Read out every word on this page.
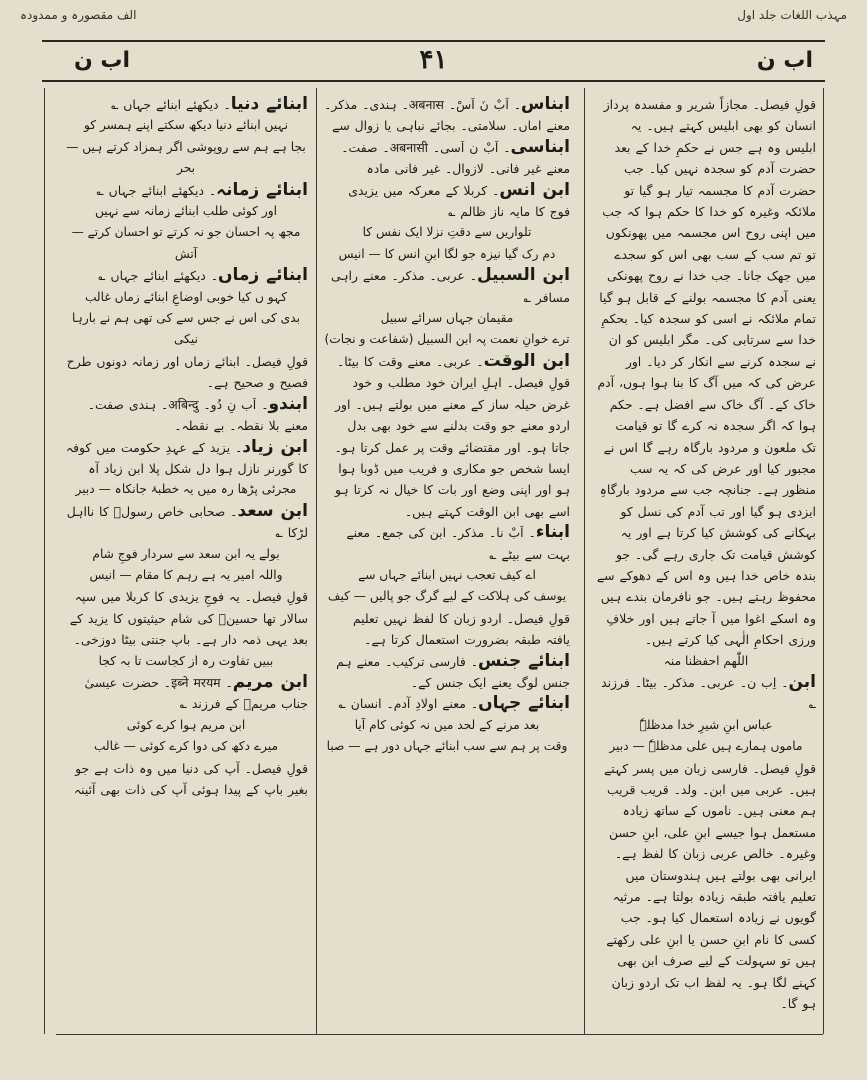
الف مقصورہ و ممدودہ	مہذب اللغات جلد اول
اب ن	۴۱	اب ن

قولِ فیصل۔ مجازاً شریر و مفسدہ پرداز انسان کو بھی ابلیس کہتے ہیں۔ یہ ابلیس وہ ہے جس نے حکمِ خدا کے بعد حضرت آدم کو سجدہ نہیں کیا۔ جب حضرت آدم کا مجسمہ تیار ہو گیا تو ملائکہ وغیرہ کو خدا کا حکم ہوا کہ جب میں اپنی روح اس مجسمہ میں پھونکوں تو تم سب کے سب بھی اس کو سجدے میں جھک جانا۔ جب خدا نے روح پھونکی یعنی آدم کا مجسمہ بولنے کے قابل ہو گیا تمام ملائکہ نے اسی کو سجدہ کیا۔ بحکمِ خدا سے سرتابی کی۔ مگر ابلیس کو ان نے سجدہ کرنے سے انکار کر دیا۔ اور عرض کی کہ میں آگ کا بنا ہوا ہوں، آدم خاک کے۔ آگ خاک سے افضل ہے۔ حکم ہوا کہ اگر سجدہ نہ کرے گا تو قیامت تک ملعون و مردود بارگاہ رہے گا اس نے مجبور کیا اور عرض کی کہ یہ سب منظور ہے۔ جنانچہ جب سے مردود بارگاہِ ایزدی ہو گیا اور تب آدم کی نسل کو بہکانے کی کوشش کیا کرتا ہے اور یہ کوشش قیامت تک جاری رہے گی۔ جو بندہ خاص خدا ہیں وہ اس کے دھوکے سے محفوظ رہتے ہیں۔ جو نافرمان بندے ہیں وہ اسکے اغوا میں آ جاتے ہیں اور خلافِ ورزی احکامِ الٰہی کیا کرتے ہیں۔

اللّٰھم احفظنا منہ

ابن۔ اِب ن۔ عربی۔ مذکر۔ بیٹا۔ فرزند ؎

عباس ابنِ شیرِ خدا مدظلہٗ

ماموں ہمارے ہیں علی مدظلہٗ — دبیر

قولِ فیصل۔ فارسی زبان میں پسر کہتے ہیں۔ عربی میں ابن۔ ولد۔ قریب قریب ہم معنی ہیں۔ ناموں کے ساتھ زیادہ مستعمل ہوا جیسے ابنِ علی، ابنِ حسن وغیرہ۔ خالص عربی زبان کا لفظ ہے۔ ایرانی بھی بولتے ہیں ہندوستان میں تعلیم یافتہ طبقہ زیادہ بولتا ہے۔ مرثیہ گویوں نے زیادہ استعمال کیا ہو۔ جب کسی کا نام ابنِ حسن یا ابنِ علی رکھتے ہیں تو سہولت کے لیے صرف ابن بھی کہنے لگا ہو۔ یہ لفظ اب تک اردو زبان ہو گا۔

ابناس۔ اَبْ نَ اَسْ۔ अबनास۔ ہندی۔ مذکر۔ معنے اماں۔ سلامتی۔ بجائے نباہی یا زوال سے

ابناسی۔ اَبْ ن اَسی۔ अबनासी۔ صفت۔ معنے غیر فانی۔ لازوال۔ غیر فانی مادہ

ابن انس۔ کربلا کے معرکہ میں یزیدی فوج کا مایہ ناز ظالم ؎

تلواریں سے دقتِ نزلا ایک نفس کا

دم رک گیا نیزہ جو لگا ابنِ انس کا — انیس

ابن السبیل۔ عربی۔ مذکر۔ معنے راہی مسافر ؎

مقیمان جہاں سرائے سبیل

ترے خوانِ نعمت پہ ابن السبیل (شفاعت و نجات)

ابن الوقت۔ عربی۔ معنے وقت کا بیٹا۔

قولِ فیصل۔ اہلِ ایران خود مطلب و خود غرض حیلہ ساز کے معنے میں بولتے ہیں۔ اور اردو معنے جو وقت بدلنے سے خود بھی بدل جاتا ہو۔ اور مقتضائے وقت پر عمل کرتا ہو۔ ایسا شخص جو مکاری و فریب میں ڈوبا ہوا ہو اور اپنی وضع اور بات کا خیال نہ کرتا ہو اسے بھی ابن الوقت کہتے ہیں۔

ابناء۔ اَبْ نا۔ مذکر۔ ابن کی جمع۔ معنے بہت سے بیٹے ؎

اے کیف تعجب نہیں ابنائے جہاں سے

یوسف کی ہلاکت کے لیے گرگ جو پالیں — کیف

قولِ فیصل۔ اردو زبان کا لفظ نہیں تعلیم یافتہ طبقہ بضرورت استعمال کرتا ہے۔

ابنائے جنس۔ فارسی ترکیب۔ معنے ہم جنس لوگ یعنے ایک جنس کے۔

ابنائے جہاں۔ معنے اولادِ آدم۔ انسان ؎

بعد مرنے کے لحد میں نہ کوئی کام آیا

وقت پر ہم سے سب ابنائے جہاں دور ہے — صبا

ابنائے دنیا۔ دیکھئے ابنائے جہاں ؎

نہیں ابنائے دنیا دیکھ سکتے اپنے ہمسر کو

بجا ہے ہم سے روپوشی اگر ہمزاد کرتے ہیں — بحر

ابنائے زمانہ۔ دیکھئے ابنائے جہاں ؎

اور کوئی طلب ابنائے زمانہ سے نہیں

مجھ پہ احسان جو نہ کرتے تو احسان کرتے — آتش

ابنائے زماں۔ دیکھئے ابنائے جہاں ؎

کہو ں کیا خوبی اوضاعِ ابنائے زماں غالب

بدی کی اس نے جس سے کی تھی ہم نے بارہا نیکی

قولِ فیصل۔ ابنائے زماں اور زمانہ دونوں طرح فصیح و صحیح ہے۔

ابندو۔ اَب نِ دُو۔ अबिन्दु۔ ہندی صفت۔ معنے بلا نقطہ۔ بے نقطہ۔

ابن زیاد۔ یزید کے عہدِ حکومت میں کوفہ کا گورنر نازل ہوا دل شکل پلا ابن زیاد آہ

مجرئی پڑھا رہ میں یہ خطبۂ جانکاہ — دبیر

ابن سعد۔ صحابی خاص رسولؐ کا نااہل لڑکا ؎

بولے یہ ابن سعد سے سردار فوجِ شام

واللہ امیر یہ ہے رہم کا مقام — انیس

قولِ فیصل۔ یہ فوجِ یزیدی کا کربلا میں سپہ سالار تھا حسینؓ کی شام حیثیتوں کا یزید کے بعد یہی ذمہ دار ہے۔ باپ جنتی بیٹا دوزخی۔

ببیں تفاوت رہ از کجاست تا بہ کجا

ابن مریم۔ इब्ने मरयम۔ حضرت عیسیٰ جناب مریمؑ کے فرزند ؎

ابن مریم ہوا کرے کوئی

میرے دکھ کی دوا کرے کوئی — غالب

قولِ فیصل۔ آپ کی دنیا میں وہ ذات ہے جو بغیر باپ کے پیدا ہوئی آپ کی ذات بھی آئینہ
